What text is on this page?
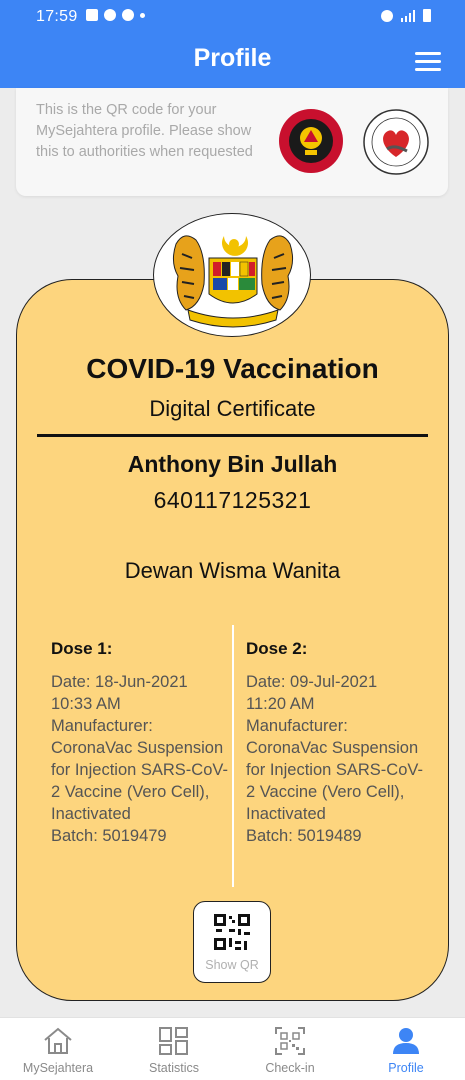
17:59
Profile
This is the QR code for your MySejahtera profile. Please show this to authorities when requested
COVID-19 Vaccination
Digital Certificate
Anthony Bin Jullah
640117125321
Dewan Wisma Wanita
Dose 1:
Date: 18-Jun-2021
10:33 AM
Manufacturer: CoronaVac Suspension for Injection SARS-CoV-2 Vaccine (Vero Cell), Inactivated
Batch: 5019479
Dose 2:
Date: 09-Jul-2021
11:20 AM
Manufacturer: CoronaVac Suspension for Injection SARS-CoV-2 Vaccine (Vero Cell), Inactivated
Batch: 5019489
Show QR
MySejahtera	Statistics	Check-in	Profile
